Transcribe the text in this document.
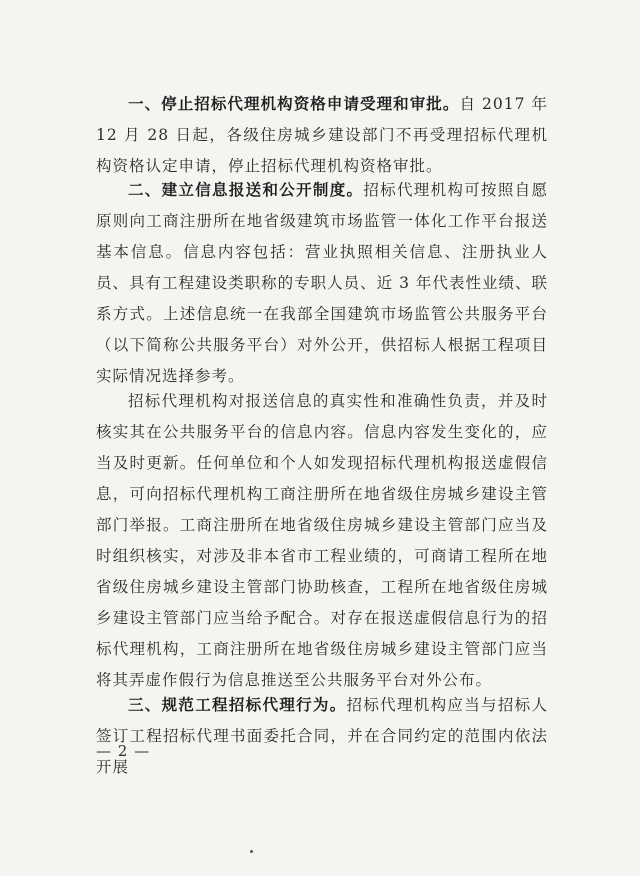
一、停止招标代理机构资格申请受理和审批。自 2017 年 12 月 28 日起，各级住房城乡建设部门不再受理招标代理机构资格认定申请，停止招标代理机构资格审批。

二、建立信息报送和公开制度。招标代理机构可按照自愿原则向工商注册所在地省级建筑市场监管一体化工作平台报送基本信息。信息内容包括：营业执照相关信息、注册执业人员、具有工程建设类职称的专职人员、近 3 年代表性业绩、联系方式。上述信息统一在我部全国建筑市场监管公共服务平台（以下简称公共服务平台）对外公开，供招标人根据工程项目实际情况选择参考。

招标代理机构对报送信息的真实性和准确性负责，并及时核实其在公共服务平台的信息内容。信息内容发生变化的，应当及时更新。任何单位和个人如发现招标代理机构报送虚假信息，可向招标代理机构工商注册所在地省级住房城乡建设主管部门举报。工商注册所在地省级住房城乡建设主管部门应当及时组织核实，对涉及非本省市工程业绩的，可商请工程所在地省级住房城乡建设主管部门协助核查，工程所在地省级住房城乡建设主管部门应当给予配合。对存在报送虚假信息行为的招标代理机构，工商注册所在地省级住房城乡建设主管部门应当将其弄虚作假行为信息推送至公共服务平台对外公布。

三、规范工程招标代理行为。招标代理机构应当与招标人签订工程招标代理书面委托合同，并在合同约定的范围内依法开展

— 2 —
